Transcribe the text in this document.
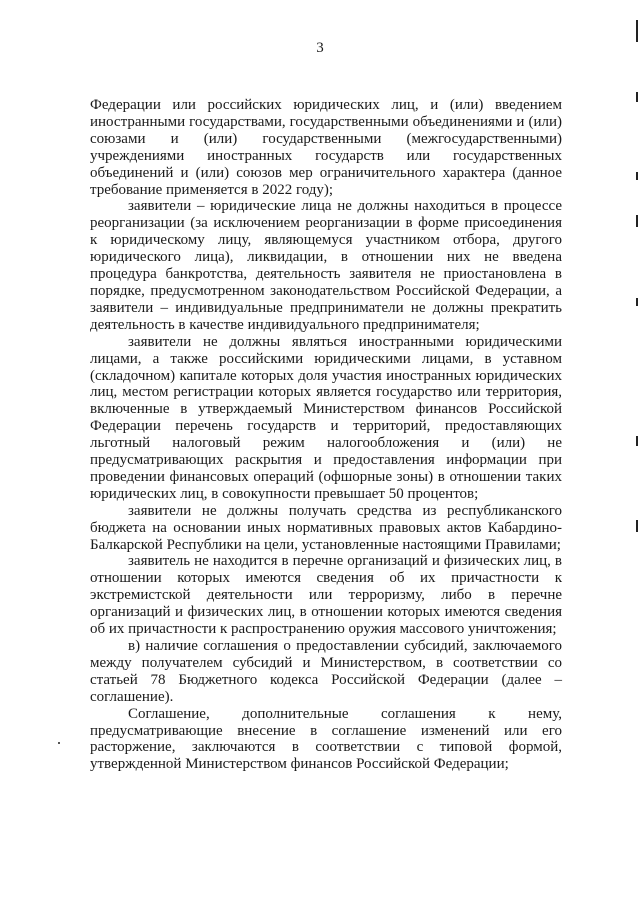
3

Федерации или российских юридических лиц, и (или) введением иностранными государствами, государственными объединениями и (или) союзами и (или) государственными (межгосударственными) учреждениями иностранных государств или государственных объединений и (или) союзов мер ограничительного характера (данное требование применяется в 2022 году);

заявители – юридические лица не должны находиться в процессе реорганизации (за исключением реорганизации в форме присоединения к юридическому лицу, являющемуся участником отбора, другого юридического лица), ликвидации, в отношении них не введена процедура банкротства, деятельность заявителя не приостановлена в порядке, предусмотренном законодательством Российской Федерации, а заявители – индивидуальные предприниматели не должны прекратить деятельность в качестве индивидуального предпринимателя;

заявители не должны являться иностранными юридическими лицами, а также российскими юридическими лицами, в уставном (складочном) капитале которых доля участия иностранных юридических лиц, местом регистрации которых является государство или территория, включенные в утверждаемый Министерством финансов Российской Федерации перечень государств и территорий, предоставляющих льготный налоговый режим налогообложения и (или) не предусматривающих раскрытия и предоставления информации при проведении финансовых операций (офшорные зоны) в отношении таких юридических лиц, в совокупности превышает 50 процентов;

заявители не должны получать средства из республиканского бюджета на основании иных нормативных правовых актов Кабардино-Балкарской Республики на цели, установленные настоящими Правилами;

заявитель не находится в перечне организаций и физических лиц, в отношении которых имеются сведения об их причастности к экстремистской деятельности или терроризму, либо в перечне организаций и физических лиц, в отношении которых имеются сведения об их причастности к распространению оружия массового уничтожения;

в) наличие соглашения о предоставлении субсидий, заключаемого между получателем субсидий и Министерством, в соответствии со статьей 78 Бюджетного кодекса Российской Федерации (далее – соглашение).

Соглашение, дополнительные соглашения к нему, предусматривающие внесение в соглашение изменений или его расторжение, заключаются в соответствии с типовой формой, утвержденной Министерством финансов Российской Федерации;
